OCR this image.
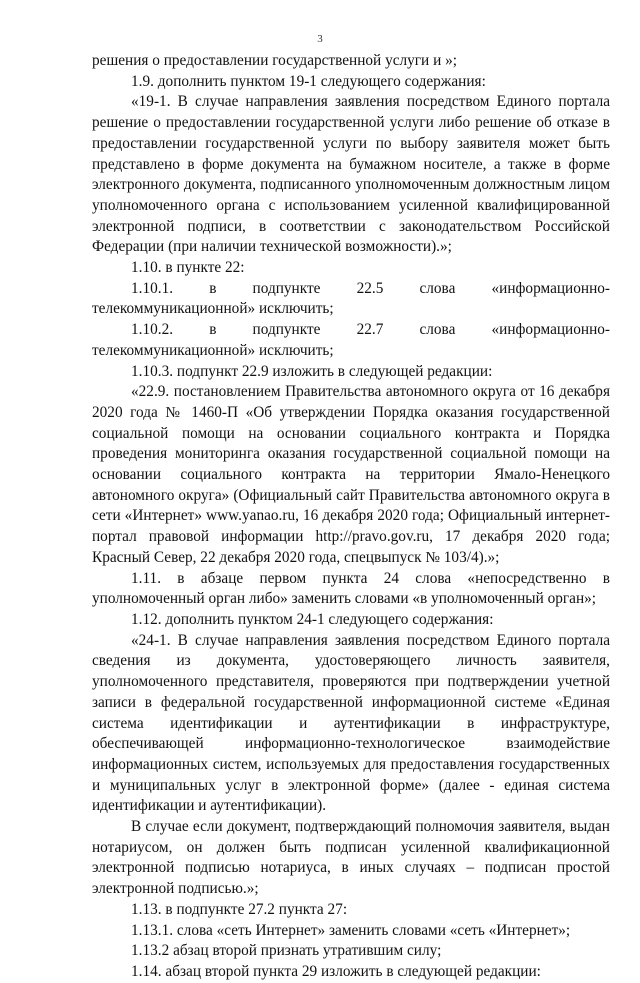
3

решения о предоставлении государственной услуги и »;

1.9. дополнить пунктом 19-1 следующего содержания:

«19-1. В случае направления заявления посредством Единого портала решение о предоставлении государственной услуги либо решение об отказе в предоставлении государственной услуги по выбору заявителя может быть представлено в форме документа на бумажном носителе, а также в форме электронного документа, подписанного уполномоченным должностным лицом уполномоченного органа с использованием усиленной квалифицированной электронной подписи, в соответствии с законодательством Российской Федерации (при наличии технической возможности).»;

1.10. в пункте 22:

1.10.1. в подпункте 22.5 слова «информационно-телекоммуникационной» исключить;

1.10.2. в подпункте 22.7 слова «информационно-телекоммуникационной» исключить;

1.10.3. подпункт 22.9 изложить в следующей редакции:

«22.9. постановлением Правительства автономного округа от 16 декабря 2020 года № 1460-П «Об утверждении Порядка оказания государственной социальной помощи на основании социального контракта и Порядка проведения мониторинга оказания государственной социальной помощи на основании социального контракта на территории Ямало-Ненецкого автономного округа» (Официальный сайт Правительства автономного округа в сети «Интернет» www.yanao.ru, 16 декабря 2020 года; Официальный интернет-портал правовой информации http://pravo.gov.ru, 17 декабря 2020 года; Красный Север, 22 декабря 2020 года, спецвыпуск № 103/4).»;

1.11. в абзаце первом пункта 24 слова «непосредственно в уполномоченный орган либо» заменить словами «в уполномоченный орган»;

1.12. дополнить пунктом 24-1 следующего содержания:

«24-1. В случае направления заявления посредством Единого портала сведения из документа, удостоверяющего личность заявителя, уполномоченного представителя, проверяются при подтверждении учетной записи в федеральной государственной информационной системе «Единая система идентификации и аутентификации в инфраструктуре, обеспечивающей информационно-технологическое взаимодействие информационных систем, используемых для предоставления государственных и муниципальных услуг в электронной форме» (далее - единая система идентификации и аутентификации).

В случае если документ, подтверждающий полномочия заявителя, выдан нотариусом, он должен быть подписан усиленной квалификационной электронной подписью нотариуса, в иных случаях – подписан простой электронной подписью.»;

1.13. в подпункте 27.2 пункта 27:

1.13.1. слова «сеть Интернет» заменить словами «сеть «Интернет»;

1.13.2 абзац второй признать утратившим силу;

1.14. абзац второй пункта 29 изложить в следующей редакции:
